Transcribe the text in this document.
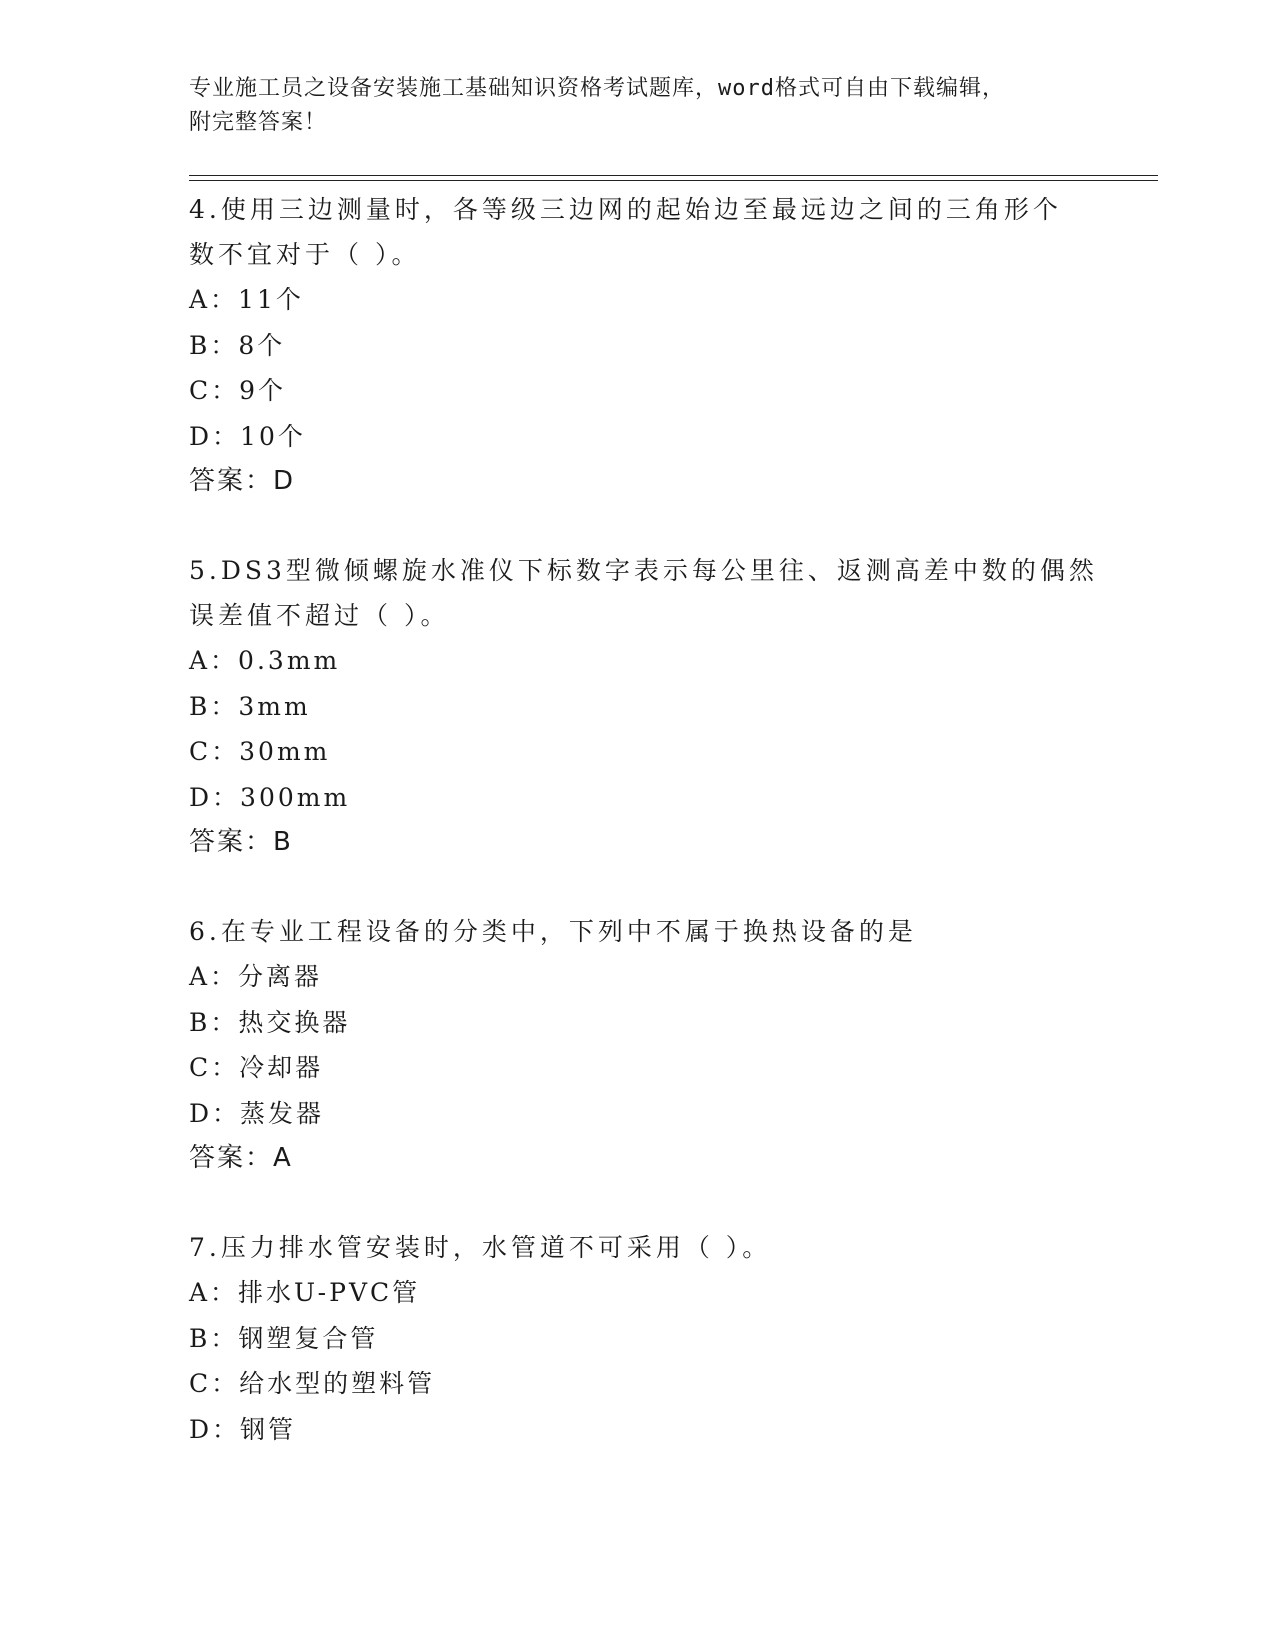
专业施工员之设备安装施工基础知识资格考试题库，word格式可自由下载编辑，
附完整答案！
4.使用三边测量时，各等级三边网的起始边至最远边之间的三角形个
数不宜对于（ ）。
A：11个
B：8个
C：9个
D：10个
答案：D
5.DS3型微倾螺旋水准仪下标数字表示每公里往、返测高差中数的偶然
误差值不超过（ ）。
A：0.3mm
B：3mm
C：30mm
D：300mm
答案：B
6.在专业工程设备的分类中，下列中不属于换热设备的是
A：分离器
B：热交换器
C：冷却器
D：蒸发器
答案：A
7.压力排水管安装时，水管道不可采用（ ）。
A：排水U-PVC管
B：钢塑复合管
C：给水型的塑料管
D：钢管
